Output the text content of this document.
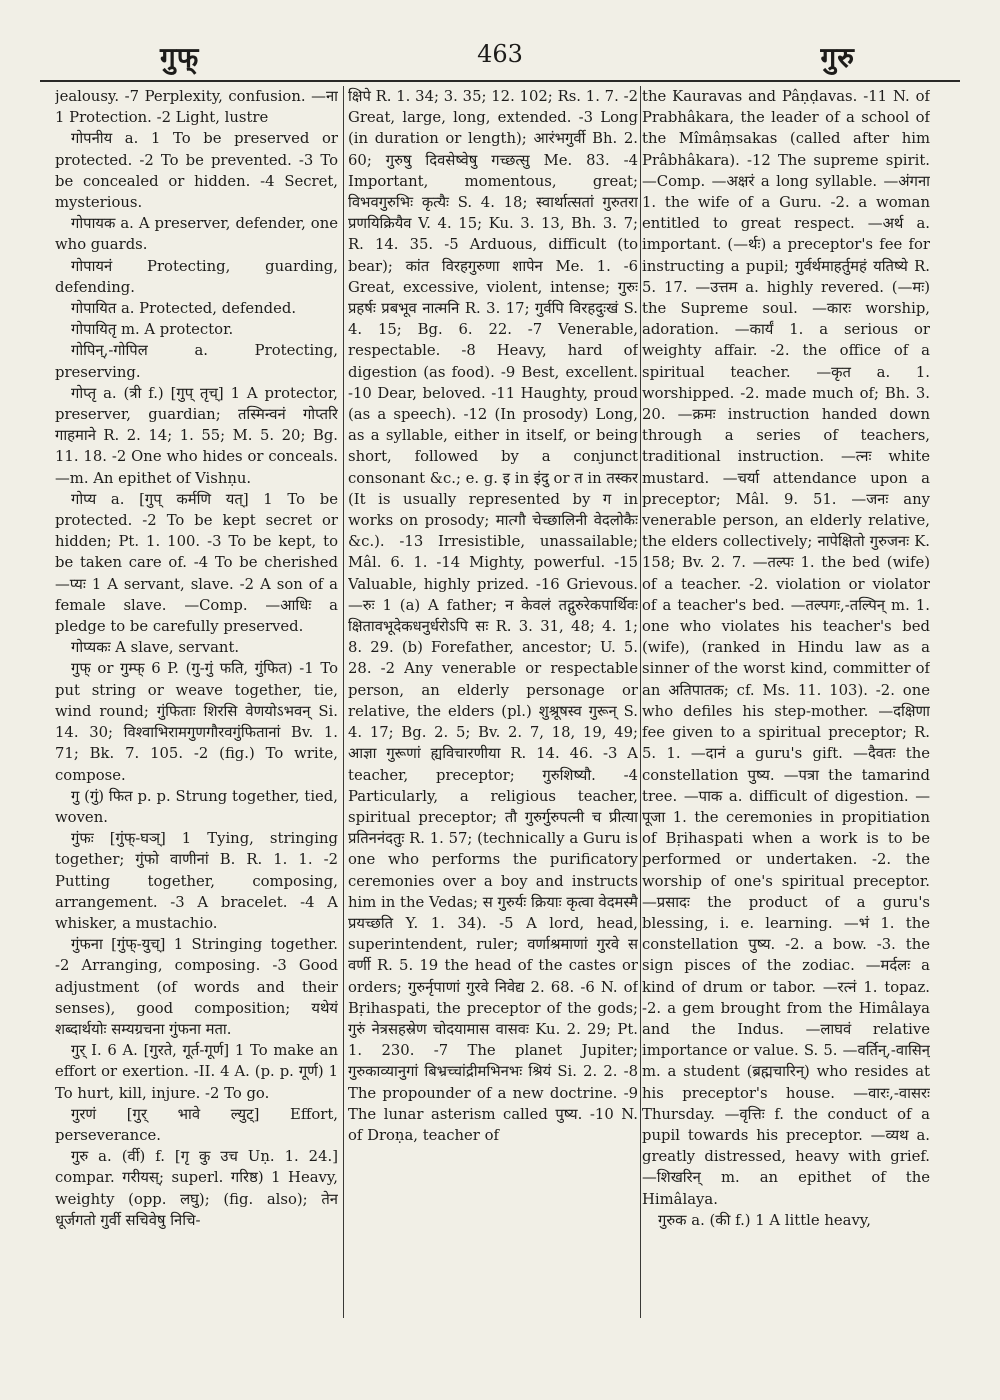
गुफ्	463	गुरु

jealousy. -7 Perplexity, confusion. —ना 1 Protection. -2 Light, lustre

गोपनीय a. 1 To be preserved or protected. -2 To be prevented. -3 To be concealed or hidden. -4 Secret, mysterious.

गोपायक a. A preserver, defender, one who guards.

गोपायनं Protecting, guarding, defending.

गोपायित a. Protected, defended.

गोपायितृ m. A protector.

गोपिन्,-गोपिल a. Protecting, preserving.

गोप्तृ a. (त्री f.) [गुप् तृच्] 1 A protector, preserver, guardian; तस्मिन्वनं गोप्तरि गाहमाने R. 2. 14; 1. 55; M. 5. 20; Bg. 11. 18. -2 One who hides or conceals. —m. An epithet of Vishṇu.

गोप्य a. [गुप् कर्मणि यत्] 1 To be protected. -2 To be kept secret or hidden; Pt. 1. 100. -3 To be kept, to be taken care of. -4 To be cherished —प्यः 1 A servant, slave. -2 A son of a female slave. —Comp. —आधिः a pledge to be carefully preserved.

गोप्यकः A slave, servant.

गुफ् or गुम्फ् 6 P. (गु-गुं फति, गुंफित) -1 To put string or weave together, tie, wind round; गुंफिताः शिरसि वेणयोऽभवन् Si. 14. 30; विश्वाभिरामगुणगौरवगुंफितानां Bv. 1. 71; Bk. 7. 105. -2 (fig.) To write, compose.

गु (गुं) फित p. p. Strung together, tied, woven.

गुंफः [गुंफ्-घञ्] 1 Tying, stringing together; गुंफो वाणीनां B. R. 1. 1. -2 Putting together, composing, arrangement. -3 A bracelet. -4 A whisker, a mustachio.

गुंफना [गुंफ्-युच्] 1 Stringing together. -2 Arranging, composing. -3 Good adjustment (of words and their senses), good composition; यथेयं शब्दार्थयोः सम्यग्रचना गुंफना मता.

गुर् I. 6 A. [गुरते, गूर्त-गूर्ण] 1 To make an effort or exertion. -II. 4 A. (p. p. गूर्ण) 1 To hurt, kill, injure. -2 To go.

गुरणं [गुर् भावे ल्युट्] Effort, perseverance.

गुरु a. (र्वी) f. [गृ कु उच Uṇ. 1. 24.] compar. गरीयस्; superl. गरिष्ठ) 1 Heavy, weighty (opp. लघु); (fig. also); तेन धूर्जगतो गुर्वी सचिवेषु निचि-

क्षिपे R. 1. 34; 3. 35; 12. 102; Rs. 1. 7. -2 Great, large, long, extended. -3 Long (in duration or length); आरंभगुर्वी Bh. 2. 60; गुरुषु दिवसेष्वेषु गच्छत्सु Me. 83. -4 Important, momentous, great; विभवगुरुभिः कृत्यैः S. 4. 18; स्वार्थात्सतां गुरुतरा प्रणयिक्रियैव V. 4. 15; Ku. 3. 13, Bh. 3. 7; R. 14. 35. -5 Arduous, difficult (to bear); कांत विरहगुरुणा शापेन Me. 1. -6 Great, excessive, violent, intense; गुरुः प्रहर्षः प्रबभूव नात्मनि R. 3. 17; गुर्वपि विरहदुःखं S. 4. 15; Bg. 6. 22. -7 Venerable, respectable. -8 Heavy, hard of digestion (as food). -9 Best, excellent. -10 Dear, beloved. -11 Haughty, proud (as a speech). -12 (In prosody) Long, as a syllable, either in itself, or being short, followed by a conjunct consonant &c.; e. g. इ in इंदु or त in तस्कर (It is usually represented by ग in works on prosody; मात्गौ चेच्छालिनी वेदलोकैः &c.). -13 Irresistible, unassailable; Mâl. 6. 1. -14 Mighty, powerful. -15 Valuable, highly prized. -16 Grievous. —रुः 1 (a) A father; न केवलं तद्गुरुरेकपार्थिवः क्षितावभूदेकधनुर्धरोऽपि सः R. 3. 31, 48; 4. 1; 8. 29. (b) Forefather, ancestor; U. 5. 28. -2 Any venerable or respectable person, an elderly personage or relative, the elders (pl.) शुश्रूषस्व गुरून् S. 4. 17; Bg. 2. 5; Bv. 2. 7, 18, 19, 49; आज्ञा गुरूणां ह्यविचारणीया R. 14. 46. -3 A teacher, preceptor; गुरुशिष्यौ. -4 Particularly, a religious teacher, spiritual preceptor; तौ गुरुर्गुरुपत्नी च प्रीत्या प्रतिननंदतुः R. 1. 57; (technically a Guru is one who performs the purificatory ceremonies over a boy and instructs him in the Vedas; स गुरुर्यः क्रियाः कृत्वा वेदमस्मै प्रयच्छति Y. 1. 34). -5 A lord, head, superintendent, ruler; वर्णाश्रमाणां गुरवे स वर्णी R. 5. 19 the head of the castes or orders; गुरुर्नृपाणां गुरवे निवेद्य 2. 68. -6 N. of Bṛihaspati, the preceptor of the gods; गुरुं नेत्रसहस्रेण चोदयामास वासवः Ku. 2. 29; Pt. 1. 230. -7 The planet Jupiter; गुरुकाव्यानुगां बिभ्रच्चांद्रीमभिनभः श्रियं Si. 2. 2. -8 The propounder of a new doctrine. -9 The lunar asterism called पुष्य. -10 N. of Droṇa, teacher of

the Kauravas and Pâṇḍavas. -11 N. of Prabhâkara, the leader of a school of the Mîmâṃsakas (called after him Prâbhâkara). -12 The supreme spirit. —Comp. —अक्षरं a long syllable. —अंगना 1. the wife of a Guru. -2. a woman entitled to great respect. —अर्थ a. important. (—र्थः) a preceptor's fee for instructing a pupil; गुर्वर्थमाहर्तुमहं यतिष्ये R. 5. 17. —उत्तम a. highly revered. (—मः) the Supreme soul. —कारः worship, adoration. —कार्यं 1. a serious or weighty affair. -2. the office of a spiritual teacher. —कृत a. 1. worshipped. -2. made much of; Bh. 3. 20. —क्रमः instruction handed down through a series of teachers, traditional instruction. —त्नः white mustard. —चर्या attendance upon a preceptor; Mâl. 9. 51. —जनः any venerable person, an elderly relative, the elders collectively; नापेक्षितो गुरुजनः K. 158; Bv. 2. 7. —तल्पः 1. the bed (wife) of a teacher. -2. violation or violator of a teacher's bed. —तल्पगः,-तल्पिन् m. 1. one who violates his teacher's bed (wife), (ranked in Hindu law as a sinner of the worst kind, committer of an अतिपातक; cf. Ms. 11. 103). -2. one who defiles his step-mother. —दक्षिणा fee given to a spiritual preceptor; R. 5. 1. —दानं a guru's gift. —दैवतः the constellation पुष्य. —पत्रा the tamarind tree. —पाक a. difficult of digestion. —पूजा 1. the ceremonies in propitiation of Bṛihaspati when a work is to be performed or undertaken. -2. the worship of one's spiritual preceptor. —प्रसादः the product of a guru's blessing, i. e. learning. —भं 1. the constellation पुष्य. -2. a bow. -3. the sign pisces of the zodiac. —मर्दलः a kind of drum or tabor. —रत्नं 1. topaz. -2. a gem brought from the Himâlaya and the Indus. —लाघवं relative importance or value. S. 5. —वर्तिन्,-वासिन् m. a student (ब्रह्मचारिन्) who resides at his preceptor's house. —वारः,-वासरः Thursday. —वृत्तिः f. the conduct of a pupil towards his preceptor. —व्यथ a. greatly distressed, heavy with grief. —शिखरिन् m. an epithet of the Himâlaya.

गुरुक a. (की f.) 1 A little heavy,
